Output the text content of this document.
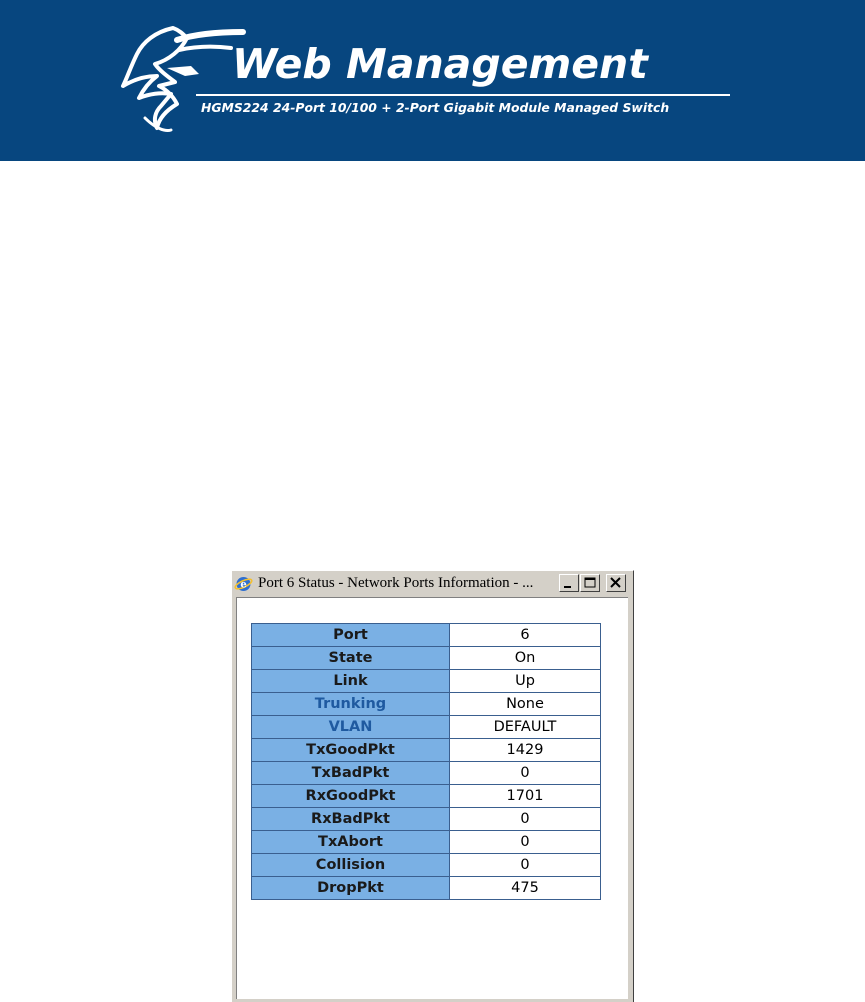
Web Management
HGMS224 24-Port 10/100 + 2-Port Gigabit Module Managed Switch
e Port 6 Status - Network Ports Information - ...
Port	6
State	On
Link	Up
Trunking	None
VLAN	DEFAULT
TxGoodPkt	1429
TxBadPkt	0
RxGoodPkt	1701
RxBadPkt	0
TxAbort	0
Collision	0
DropPkt	475
